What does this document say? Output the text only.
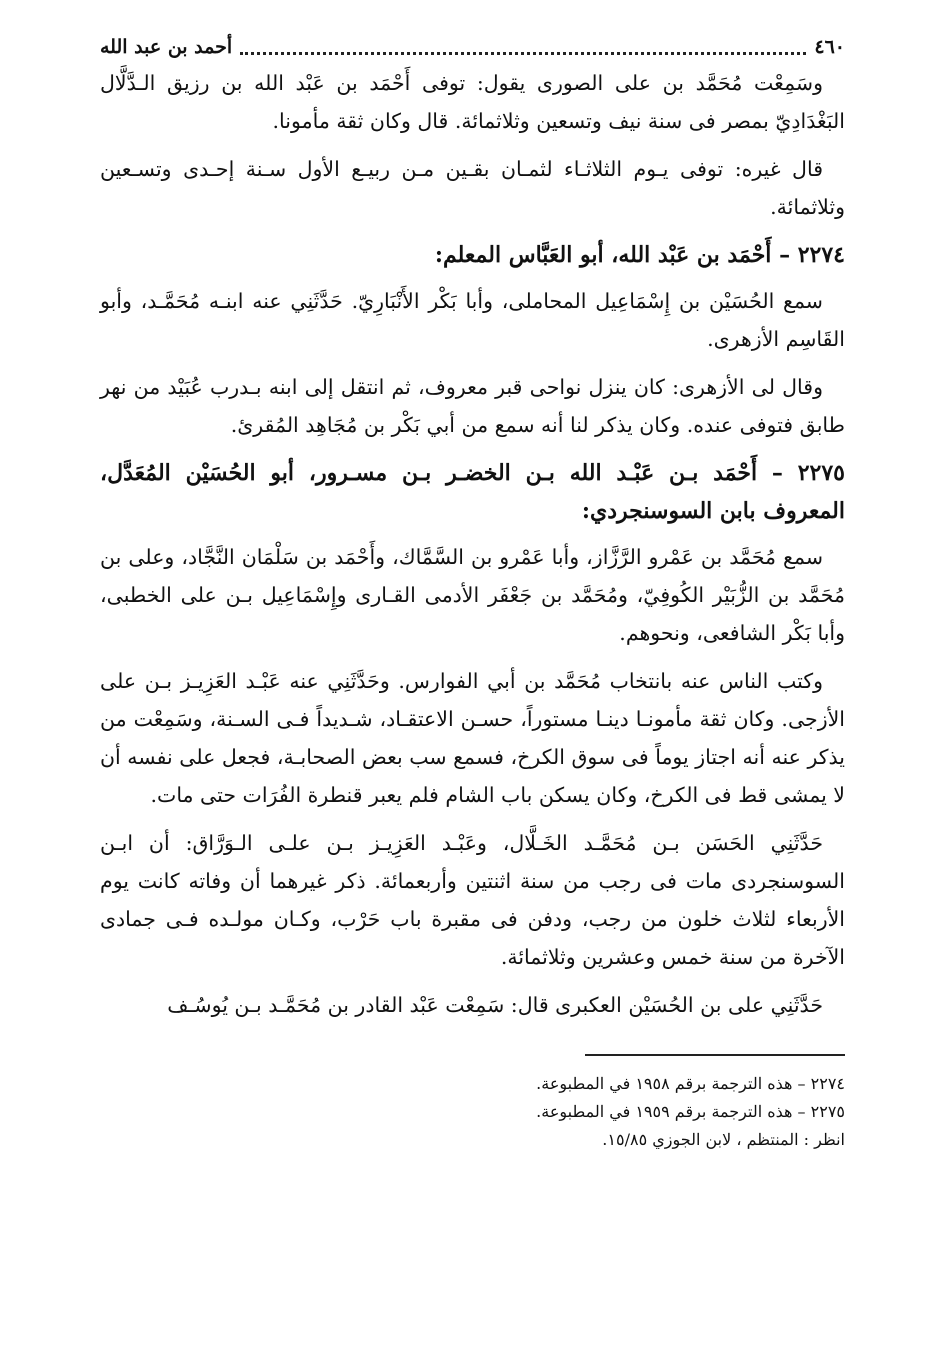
٤٦٠
أحمد بن عبد الله

وسَمِعْت مُحَمَّد بن على الصورى يقول: توفى أَحْمَد بن عَبْد الله بن رزيق الـدَّلَّال البَغْدَادِيّ بمصر فى سنة نيف وتسعين وثلاثمائة. قال وكان ثقة مأمونا.

قال غيره: توفى يـوم الثلاثـاء لثمـان بقـين مـن ربيـع الأول سـنة إحـدى وتسـعين وثلاثمائة.

٢٢٧٤ – أَحْمَد بن عَبْد الله، أبو العَبَّاس المعلم:

سمع الحُسَيْن بن إِسْمَاعِيل المحاملى، وأبا بَكْر الأَنْبَارِيّ. حَدَّثَنِي عنه ابنـه مُحَمَّـد، وأبو القَاسِم الأزهرى.

وقال لى الأزهرى: كان ينزل نواحى قبر معروف، ثم انتقل إلى ابنه بـدرب عُبَيْد من نهر طابق فتوفى عنده. وكان يذكر لنا أنه سمع من أبي بَكْر بن مُجَاهِد المُقرئ.

٢٢٧٥ – أَحْمَد بـن عَبْـد الله بـن الخضـر بـن مسـرور، أبو الحُسَيْن المُعَدَّل، المعروف بابن السوسنجردي:

سمع مُحَمَّد بن عَمْرو الرَّزَّاز، وأبا عَمْرو بن السَّمَّاك، وأَحْمَد بن سَلْمَان النَّجَّاد، وعلى بن مُحَمَّد بن الزُّبَيْر الكُوفِيّ، ومُحَمَّد بن جَعْفَر الأدمى القـارى وإِسْمَاعِيل بـن على الخطبى، وأبا بَكْر الشافعى، ونحوهم.

وكتب الناس عنه بانتخاب مُحَمَّد بن أبي الفوارس. وحَدَّثَنِي عنه عَبْـد العَزِيـز بـن على الأزجى. وكان ثقة مأمونـا دينـا مستوراً، حسـن الاعتقـاد، شـديداً فـى السـنة، وسَمِعْت من يذكر عنه أنه اجتاز يوماً فى سوق الكرخ، فسمع سب بعض الصحابـة، فجعل على نفسه أن لا يمشى قط فى الكرخ، وكان يسكن باب الشام فلم يعبر قنطرة الفُرَات حتى مات.

حَدَّثَنِي الحَسَن بـن مُحَمَّـد الخَـلَّال، وعَبْـد العَزِيـز بـن علـى الـوَرَّاق: أن ابـن السوسنجردى مات فى رجب من سنة اثنتين وأربعمائة. ذكر غيرهما أن وفاته كانت يوم الأربعاء لثلاث خلون من رجب، ودفن فى مقبرة باب حَرْب، وكـان مولـده فـى جمادى الآخرة من سنة خمس وعشرين وثلاثمائة.

حَدَّثَنِي على بن الحُسَيْن العكبرى قال: سَمِعْت عَبْد القادر بن مُحَمَّـد بـن يُوسُـف

٢٢٧٤ – هذه الترجمة برقم ١٩٥٨ في المطبوعة.
٢٢٧٥ – هذه الترجمة برقم ١٩٥٩ في المطبوعة.
انظر : المنتظم ، لابن الجوزي ١٥/٨٥.
